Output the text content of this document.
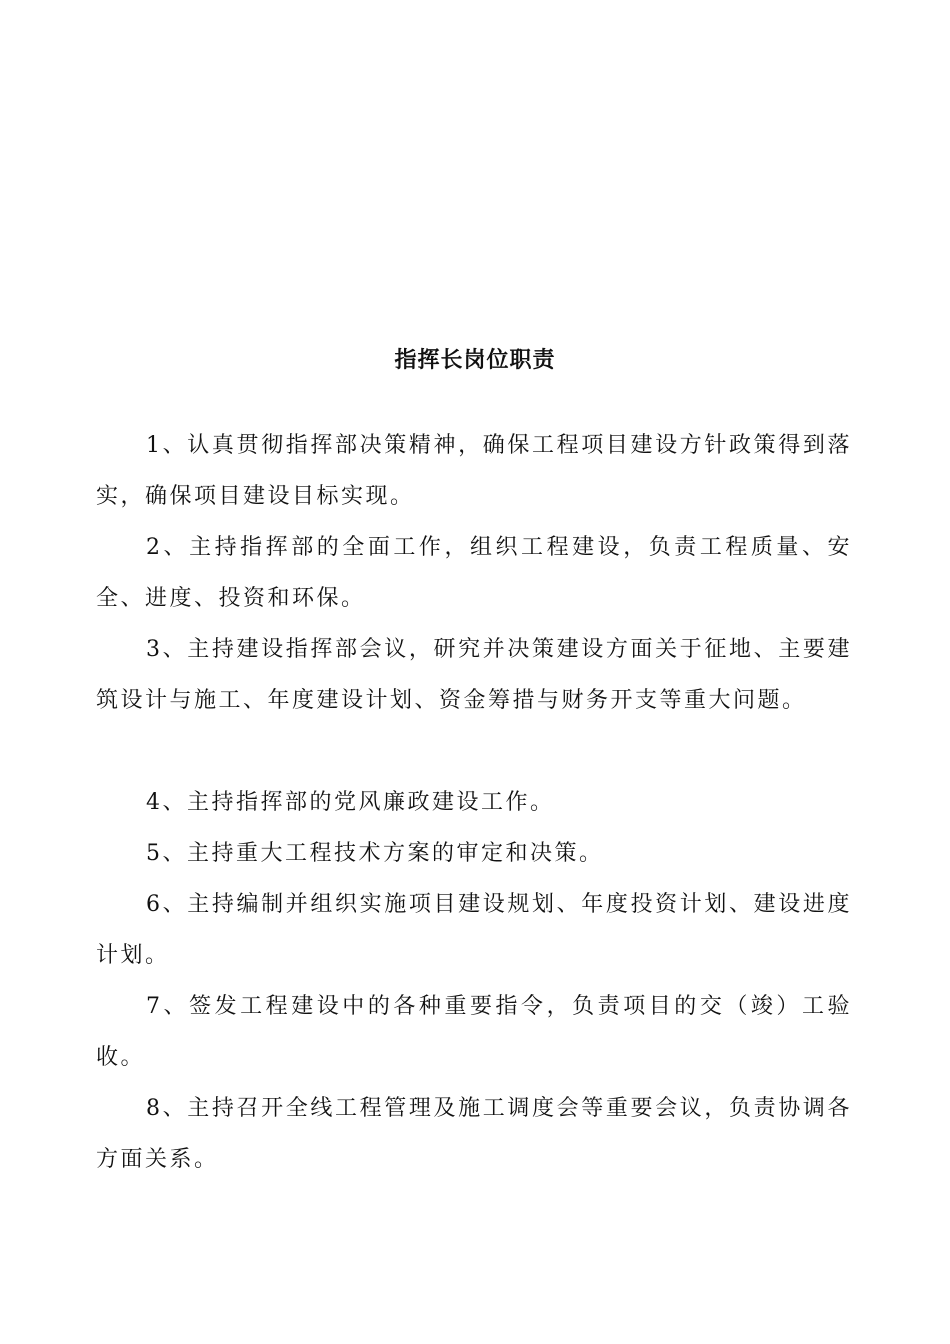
指挥长岗位职责

1、认真贯彻指挥部决策精神，确保工程项目建设方针政策得到落实，确保项目建设目标实现。

2、主持指挥部的全面工作，组织工程建设，负责工程质量、安全、进度、投资和环保。

3、主持建设指挥部会议，研究并决策建设方面关于征地、主要建筑设计与施工、年度建设计划、资金筹措与财务开支等重大问题。

4、主持指挥部的党风廉政建设工作。

5、主持重大工程技术方案的审定和决策。

6、主持编制并组织实施项目建设规划、年度投资计划、建设进度计划。

7、签发工程建设中的各种重要指令，负责项目的交（竣）工验收。

8、主持召开全线工程管理及施工调度会等重要会议，负责协调各方面关系。
